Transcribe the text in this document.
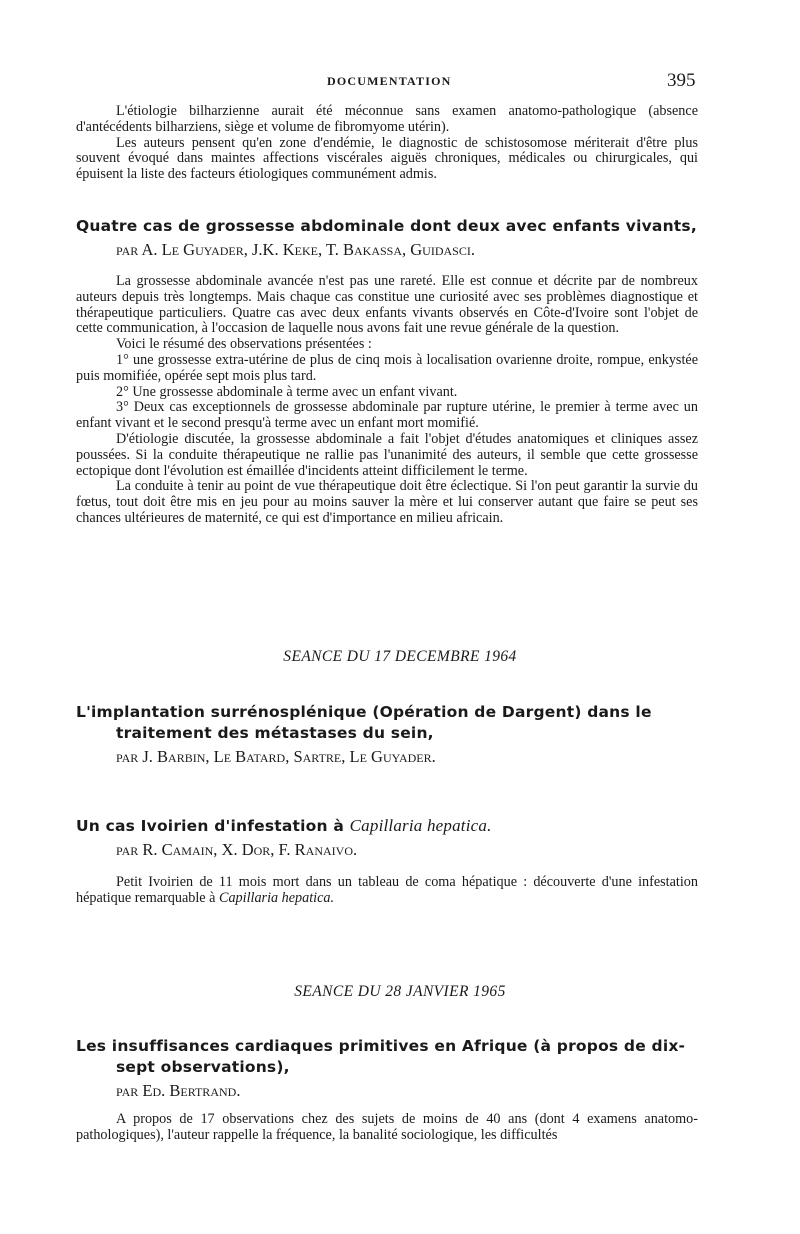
DOCUMENTATION	395

L'étiologie bilharzienne aurait été méconnue sans examen anatomo-pathologique (absence d'antécédents bilharziens, siège et volume de fibromyome utérin).

Les auteurs pensent qu'en zone d'endémie, le diagnostic de schistosomose mériterait d'être plus souvent évoqué dans maintes affections viscérales aiguës chroniques, médicales ou chirurgicales, qui épuisent la liste des facteurs étiologiques communément admis.

Quatre cas de grossesse abdominale dont deux avec enfants vivants,
par A. Le Guyader, J.K. Keke, T. Bakassa, Guidasci.

La grossesse abdominale avancée n'est pas une rareté. Elle est connue et décrite par de nombreux auteurs depuis très longtemps. Mais chaque cas constitue une curiosité avec ses problèmes diagnostique et thérapeutique particuliers. Quatre cas avec deux enfants vivants observés en Côte-d'Ivoire sont l'objet de cette communication, à l'occasion de laquelle nous avons fait une revue générale de la question.

Voici le résumé des observations présentées :

1° une grossesse extra-utérine de plus de cinq mois à localisation ovarienne droite, rompue, enkystée puis momifiée, opérée sept mois plus tard.

2° Une grossesse abdominale à terme avec un enfant vivant.

3° Deux cas exceptionnels de grossesse abdominale par rupture utérine, le premier à terme avec un enfant vivant et le second presqu'à terme avec un enfant mort momifié.

D'étiologie discutée, la grossesse abdominale a fait l'objet d'études anatomiques et cliniques assez poussées. Si la conduite thérapeutique ne rallie pas l'unanimité des auteurs, il semble que cette grossesse ectopique dont l'évolution est émaillée d'incidents atteint difficilement le terme.

La conduite à tenir au point de vue thérapeutique doit être éclectique. Si l'on peut garantir la survie du fœtus, tout doit être mis en jeu pour au moins sauver la mère et lui conserver autant que faire se peut ses chances ultérieures de maternité, ce qui est d'importance en milieu africain.

SEANCE DU 17 DECEMBRE 1964
L'implantation surrénosplénique (Opération de Dargent) dans le traitement des métastases du sein,
par J. Barbin, Le Batard, Sartre, Le Guyader.
Un cas Ivoirien d'infestation à Capillaria hepatica.
par R. Camain, X. Dor, F. Ranaivo.

Petit Ivoirien de 11 mois mort dans un tableau de coma hépatique : découverte d'une infestation hépatique remarquable à Capillaria hepatica.

SEANCE DU 28 JANVIER 1965
Les insuffisances cardiaques primitives en Afrique (à propos de dix-sept observations),
par Ed. Bertrand.

A propos de 17 observations chez des sujets de moins de 40 ans (dont 4 examens anatomo-pathologiques), l'auteur rappelle la fréquence, la banalité sociologique, les difficultés
